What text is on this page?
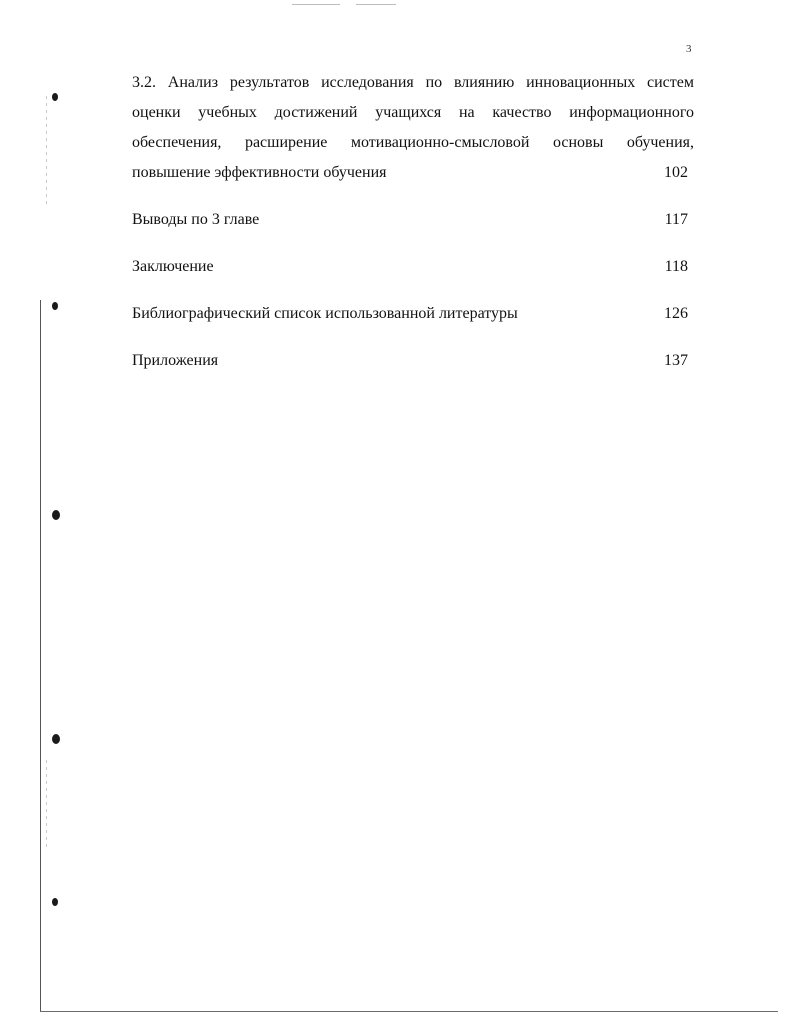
3
3.2. Анализ результатов исследования по влиянию инновационных систем
оценки учебных достижений учащихся на качество информационного
обеспечения, расширение мотивационно-смысловой основы обучения,
повышение эффективности обучения	102
Выводы по 3 главе	117
Заключение	118
Библиографический список использованной литературы	126
Приложения	137
